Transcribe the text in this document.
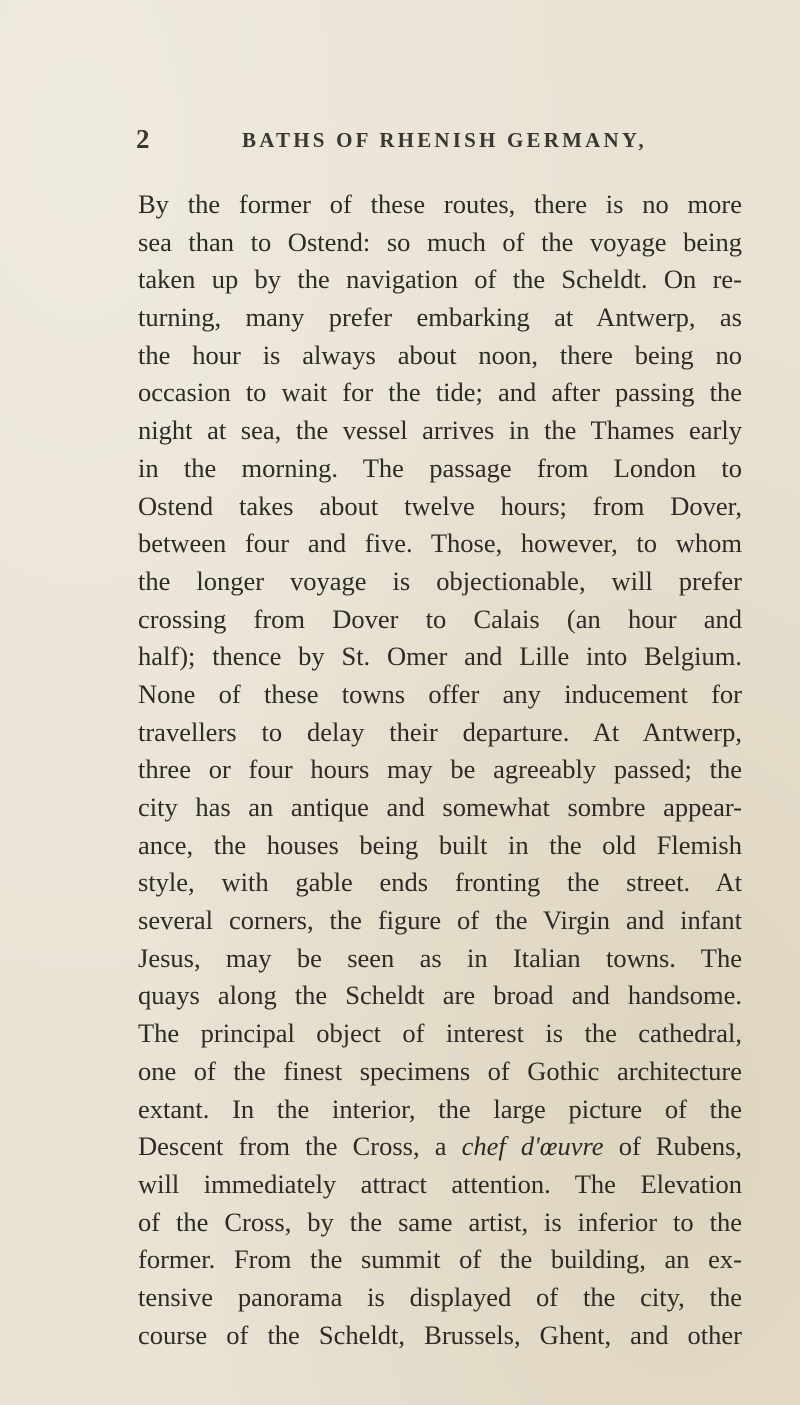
2	BATHS OF RHENISH GERMANY,
By the former of these routes, there is no more
sea than to Ostend: so much of the voyage being
taken up by the navigation of the Scheldt. On re-
turning, many prefer embarking at Antwerp, as
the hour is always about noon, there being no
occasion to wait for the tide; and after passing the
night at sea, the vessel arrives in the Thames early
in the morning. The passage from London to
Ostend takes about twelve hours; from Dover,
between four and five. Those, however, to whom
the longer voyage is objectionable, will prefer
crossing from Dover to Calais (an hour and
half); thence by St. Omer and Lille into Belgium.
None of these towns offer any inducement for
travellers to delay their departure. At Antwerp,
three or four hours may be agreeably passed; the
city has an antique and somewhat sombre appear-
ance, the houses being built in the old Flemish
style, with gable ends fronting the street. At
several corners, the figure of the Virgin and infant
Jesus, may be seen as in Italian towns. The
quays along the Scheldt are broad and handsome.
The principal object of interest is the cathedral,
one of the finest specimens of Gothic architecture
extant. In the interior, the large picture of the
Descent from the Cross, a chef d'œuvre of Rubens,
will immediately attract attention. The Elevation
of the Cross, by the same artist, is inferior to the
former. From the summit of the building, an ex-
tensive panorama is displayed of the city, the
course of the Scheldt, Brussels, Ghent, and other
